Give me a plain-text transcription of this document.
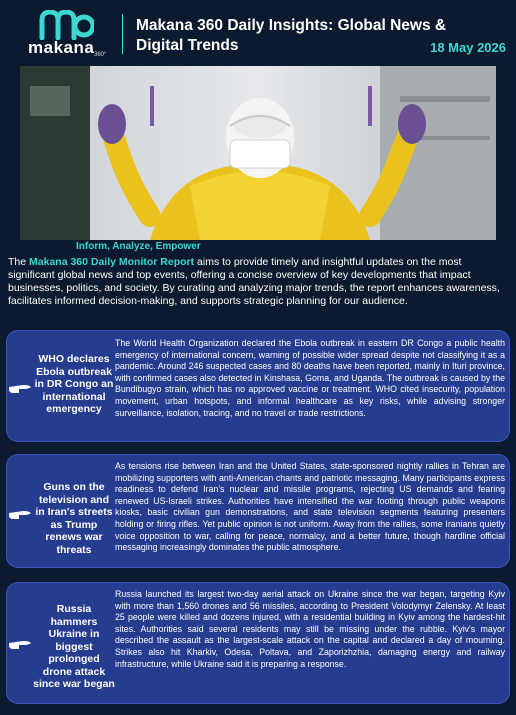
makana 360°
Makana 360 Daily Insights: Global News & Digital Trends	18 May 2026
Inform, Analyze, Empower
The Makana 360 Daily Monitor Report aims to provide timely and insightful updates on the most significant global news and top events, offering a concise overview of key developments that impact businesses, politics, and society. By curating and analyzing major trends, the report enhances awareness, facilitates informed decision-making, and supports strategic planning for our audience.
WHO declares Ebola outbreak in DR Congo an international emergency
The World Health Organization declared the Ebola outbreak in eastern DR Congo a public health emergency of international concern, warning of possible wider spread despite not classifying it as a pandemic. Around 246 suspected cases and 80 deaths have been reported, mainly in Ituri province, with confirmed cases also detected in Kinshasa, Goma, and Uganda. The outbreak is caused by the Bundibugyo strain, which has no approved vaccine or treatment. WHO cited insecurity, population movement, urban hotspots, and informal healthcare as key risks, while advising stronger surveillance, isolation, tracing, and no travel or trade restrictions.
Guns on the television and in Iran's streets as Trump renews war threats
As tensions rise between Iran and the United States, state-sponsored nightly rallies in Tehran are mobilizing supporters with anti-American chants and patriotic messaging. Many participants express readiness to defend Iran's nuclear and missile programs, rejecting US demands and fearing renewed US-Israeli strikes. Authorities have intensified the war footing through public weapons kiosks, basic civilian gun demonstrations, and state television segments featuring presenters holding or firing rifles. Yet public opinion is not uniform. Away from the rallies, some Iranians quietly voice opposition to war, calling for peace, normalcy, and a better future, though hardline official messaging increasingly dominates the public atmosphere.
Russia hammers Ukraine in biggest prolonged drone attack since war began
Russia launched its largest two-day aerial attack on Ukraine since the war began, targeting Kyiv with more than 1,560 drones and 56 missiles, according to President Volodymyr Zelensky. At least 25 people were killed and dozens injured, with a residential building in Kyiv among the hardest-hit sites. Authorities said several residents may still be missing under the rubble. Kyiv's mayor described the assault as the largest-scale attack on the capital and declared a day of mourning. Strikes also hit Kharkiv, Odesa, Poltava, and Zaporizhzhia, damaging energy and railway infrastructure, while Ukraine said it is preparing a response.
